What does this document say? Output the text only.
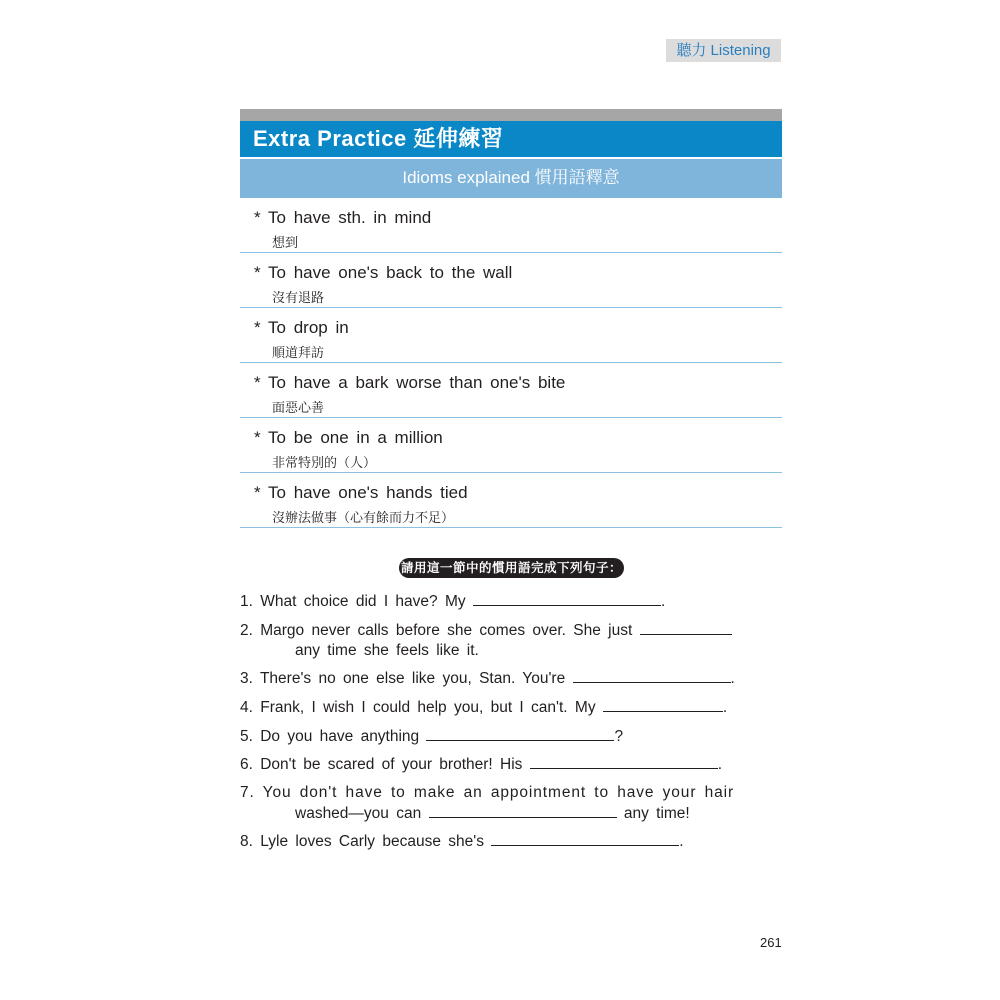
聽力 Listening
Extra Practice 延伸練習
Idioms explained 慣用語釋意
* To have sth. in mind
想到
* To have one's back to the wall
沒有退路
* To drop in
順道拜訪
* To have a bark worse than one's bite
面惡心善
* To be one in a million
非常特別的（人）
* To have one's hands tied
沒辦法做事（心有餘而力不足）
請用這一節中的慣用語完成下列句子：
1. What choice did I have? My	.
2. Margo never calls before she comes over. She just
any time she feels like it.
3. There's no one else like you, Stan. You're	.
4. Frank, I wish I could help you, but I can't. My	.
5. Do you have anything	?
6. Don't be scared of your brother! His	.
7. You don't have to make an appointment to have your hair
washed—you can	any time!
8. Lyle loves Carly because she's	.
261
